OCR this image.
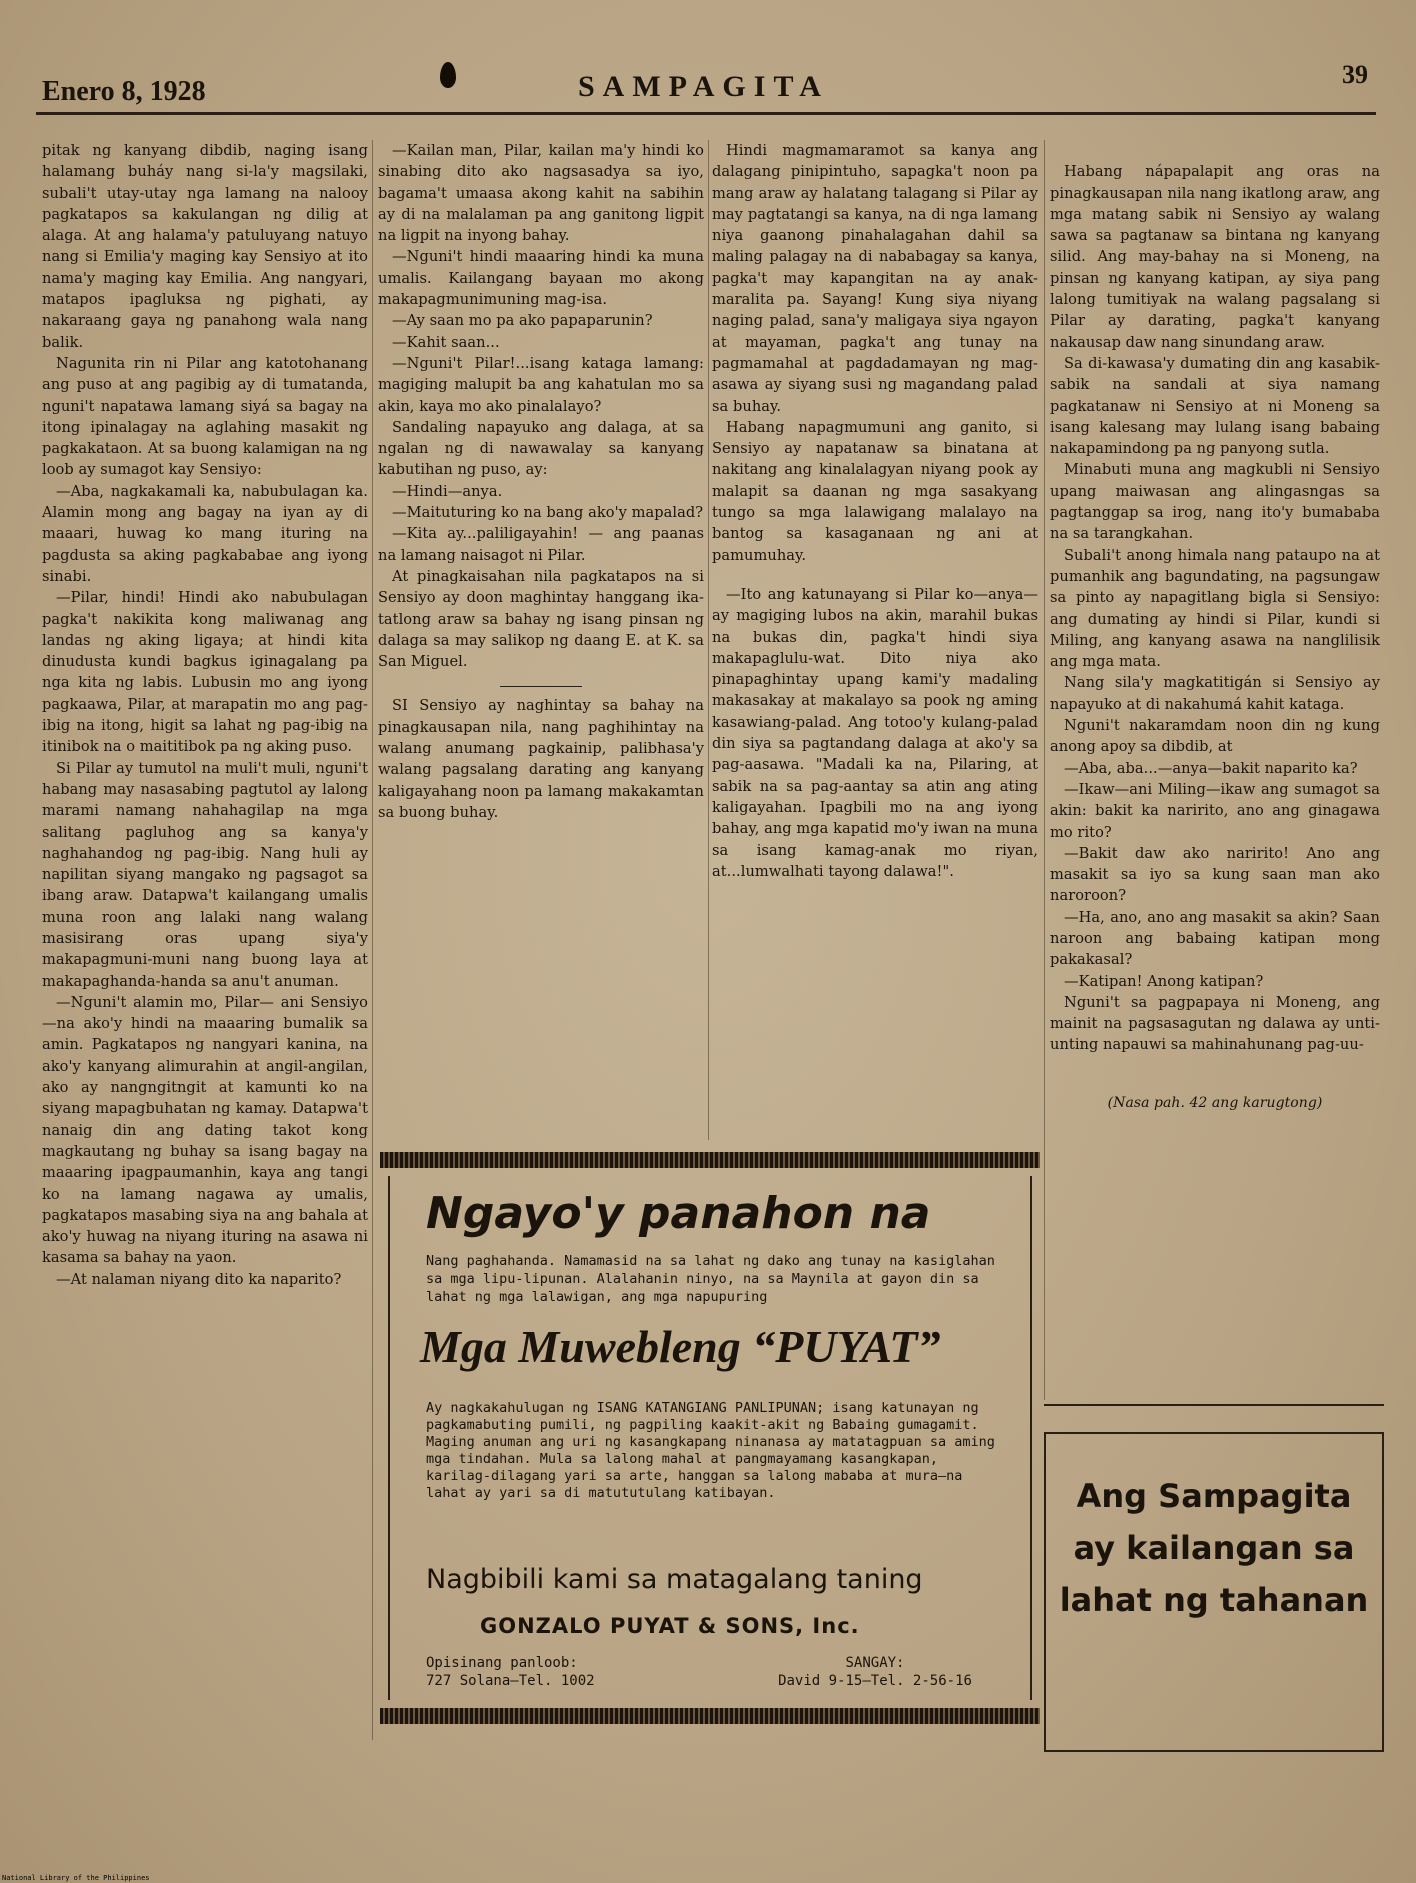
Enero 8, 1928	SAMPAGITA	39

pitak ng kanyang dibdib, naging isang halamang buháy nang si-la'y magsilaki, subali't utay-utay nga lamang na nalooy pagkatapos sa kakulangan ng dilig at alaga. At ang halama'y patuluyang natuyo nang si Emilia'y maging kay Sensiyo at ito nama'y maging kay Emilia. Ang nangyari, matapos ipagluksa ng pighati, ay nakaraang gaya ng panahong wala nang balik.

Nagunita rin ni Pilar ang katotohanang ang puso at ang pagibig ay di tumatanda, nguni't napatawa lamang siyá sa bagay na itong ipinalagay na aglahing masakit ng pagkakataon. At sa buong kalamigan na ng loob ay sumagot kay Sensiyo:

—Aba, nagkakamali ka, nabubulagan ka. Alamin mong ang bagay na iyan ay di maaari, huwag ko mang ituring na pagdusta sa aking pagkababae ang iyong sinabi.

—Pilar, hindi! Hindi ako nabubulagan pagka't nakikita kong maliwanag ang landas ng aking ligaya; at hindi kita dinudusta kundi bagkus iginagalang pa nga kita ng labis. Lubusin mo ang iyong pagkaawa, Pilar, at marapatin mo ang pag-ibig na itong, higit sa lahat ng pag-ibig na itinibok na o maititibok pa ng aking puso.

Si Pilar ay tumutol na muli't muli, nguni't habang may nasasabing pagtutol ay lalong marami namang nahahagilap na mga salitang pagluhog ang sa kanya'y naghahandog ng pag-ibig. Nang huli ay napilitan siyang mangako ng pagsagot sa ibang araw. Datapwa't kailangang umalis muna roon ang lalaki nang walang masisirang oras upang siya'y makapagmuni-muni nang buong laya at makapaghanda-handa sa anu't anuman.

—Nguni't alamin mo, Pilar— ani Sensiyo—na ako'y hindi na maaaring bumalik sa amin. Pagkatapos ng nangyari kanina, na ako'y kanyang alimurahin at angil-angilan, ako ay nangngitngit at kamunti ko na siyang mapagbuhatan ng kamay. Datapwa't nanaig din ang dating takot kong magkautang ng buhay sa isang bagay na maaaring ipagpaumanhin, kaya ang tangi ko na lamang nagawa ay umalis, pagkatapos masabing siya na ang bahala at ako'y huwag na niyang ituring na asawa ni kasama sa bahay na yaon.

—At nalaman niyang dito ka naparito?

—Kailan man, Pilar, kailan ma'y hindi ko sinabing dito ako nagsasadya sa iyo, bagama't umaasa akong kahit na sabihin ay di na malalaman pa ang ganitong ligpit na ligpit na inyong bahay.

—Nguni't hindi maaaring hindi ka muna umalis. Kailangang bayaan mo akong makapagmunimuning mag-isa.

—Ay saan mo pa ako papaparunin?

—Kahit saan...

—Nguni't Pilar!...isang kataga lamang: magiging malupit ba ang kahatulan mo sa akin, kaya mo ako pinalalayo?

Sandaling napayuko ang dalaga, at sa ngalan ng di nawawalay sa kanyang kabutihan ng puso, ay:

—Hindi—anya.

—Maituturing ko na bang ako'y mapalad?

—Kita ay...paliligayahin! — ang paanas na lamang naisagot ni Pilar.

At pinagkaisahan nila pagkatapos na si Sensiyo ay doon maghintay hanggang ika-tatlong araw sa bahay ng isang pinsan ng dalaga sa may salikop ng daang E. at K. sa San Miguel.

SI Sensiyo ay naghintay sa bahay na pinagkausapan nila, nang paghihintay na walang anumang pagkainip, palibhasa'y walang pagsalang darating ang kanyang kaligayahang noon pa lamang makakamtan sa buong buhay.

Hindi magmamaramot sa kanya ang dalagang pinipintuho, sapagka't noon pa mang araw ay halatang talagang si Pilar ay may pagtatangi sa kanya, na di nga lamang niya gaanong pinahalagahan dahil sa maling palagay na di nababagay sa kanya, pagka't may kapangitan na ay anak-maralita pa. Sayang! Kung siya niyang naging palad, sana'y maligaya siya ngayon at mayaman, pagka't ang tunay na pagmamahal at pagdadamayan ng mag-asawa ay siyang susi ng magandang palad sa buhay.

Habang napagmumuni ang ganito, si Sensiyo ay napatanaw sa binatana at nakitang ang kinalalagyan niyang pook ay malapit sa daanan ng mga sasakyang tungo sa mga lalawigang malalayo na bantog sa kasaganaan ng ani at pamumuhay.

—Ito ang katunayang si Pilar ko—anya—ay magiging lubos na akin, marahil bukas na bukas din, pagka't hindi siya makapaglulu-wat. Dito niya ako pinapaghintay upang kami'y madaling makasakay at makalayo sa pook ng aming kasawiang-palad. Ang totoo'y kulang-palad din siya sa pagtandang dalaga at ako'y sa pag-aasawa. "Madali ka na, Pilaring, at sabik na sa pag-aantay sa atin ang ating kaligayahan. Ipagbili mo na ang iyong bahay, ang mga kapatid mo'y iwan na muna sa isang kamag-anak mo riyan, at...lumwalhati tayong dalawa!".

Habang nápapalapit ang oras na pinagkausapan nila nang ikatlong araw, ang mga matang sabik ni Sensiyo ay walang sawa sa pagtanaw sa bintana ng kanyang silid. Ang may-bahay na si Moneng, na pinsan ng kanyang katipan, ay siya pang lalong tumitiyak na walang pagsalang si Pilar ay darating, pagka't kanyang nakausap daw nang sinundang araw.

Sa di-kawasa'y dumating din ang kasabik-sabik na sandali at siya namang pagkatanaw ni Sensiyo at ni Moneng sa isang kalesang may lulang isang babaing nakapamindong pa ng panyong sutla.

Minabuti muna ang magkubli ni Sensiyo upang maiwasan ang alingasngas sa pagtanggap sa irog, nang ito'y bumababa na sa tarangkahan.

Subali't anong himala nang pataupo na at pumanhik ang bagundating, na pagsungaw sa pinto ay napagitlang bigla si Sensiyo: ang dumating ay hindi si Pilar, kundi si Miling, ang kanyang asawa na nanglilisik ang mga mata.

Nang sila'y magkatitigán si Sensiyo ay napayuko at di nakahumá kahit kataga.

Nguni't nakaramdam noon din ng kung anong apoy sa dibdib, at

—Aba, aba...—anya—bakit naparito ka?

—Ikaw—ani Miling—ikaw ang sumagot sa akin: bakit ka naririto, ano ang ginagawa mo rito?

—Bakit daw ako naririto! Ano ang masakit sa iyo sa kung saan man ako naroroon?

—Ha, ano, ano ang masakit sa akin? Saan naroon ang babaing katipan mong pakakasal?

—Katipan! Anong katipan?

Nguni't sa pagpapaya ni Moneng, ang mainit na pagsasagutan ng dalawa ay unti-unting napauwi sa mahinahunang pag-uu-

(Nasa pah. 42 ang karugtong)

Ngayo'y panahon na
Nang paghahanda. Namamasid na sa lahat ng dako ang tunay na kasiglahan sa mga lipu-lipunan. Alalahanin ninyo, na sa Maynila at gayon din sa lahat ng mga lalawigan, ang mga napupuring
Mga Muwebleng “PUYAT”
Ay nagkakahulugan ng ISANG KATANGIANG PANLIPUNAN; isang katunayan ng pagkamabuting pumili, ng pagpiling kaakit-akit ng Babaing gumagamit.
Maging anuman ang uri ng kasangkapang ninanasa ay matatagpuan sa aming mga tindahan. Mula sa lalong mahal at pangmayamang kasangkapan, karilag-dilagang yari sa arte, hanggan sa lalong mababa at mura—na lahat ay yari sa di matututulang katibayan.
Nagbibili kami sa matagalang taning
GONZALO PUYAT & SONS, Inc.
Opisinang panloob:
727 Solana—Tel. 1002
SANGAY:
David 9-15—Tel. 2-56-16
Ang Sampagita ay kailangan sa lahat ng tahanan
National Library of the Philippines
